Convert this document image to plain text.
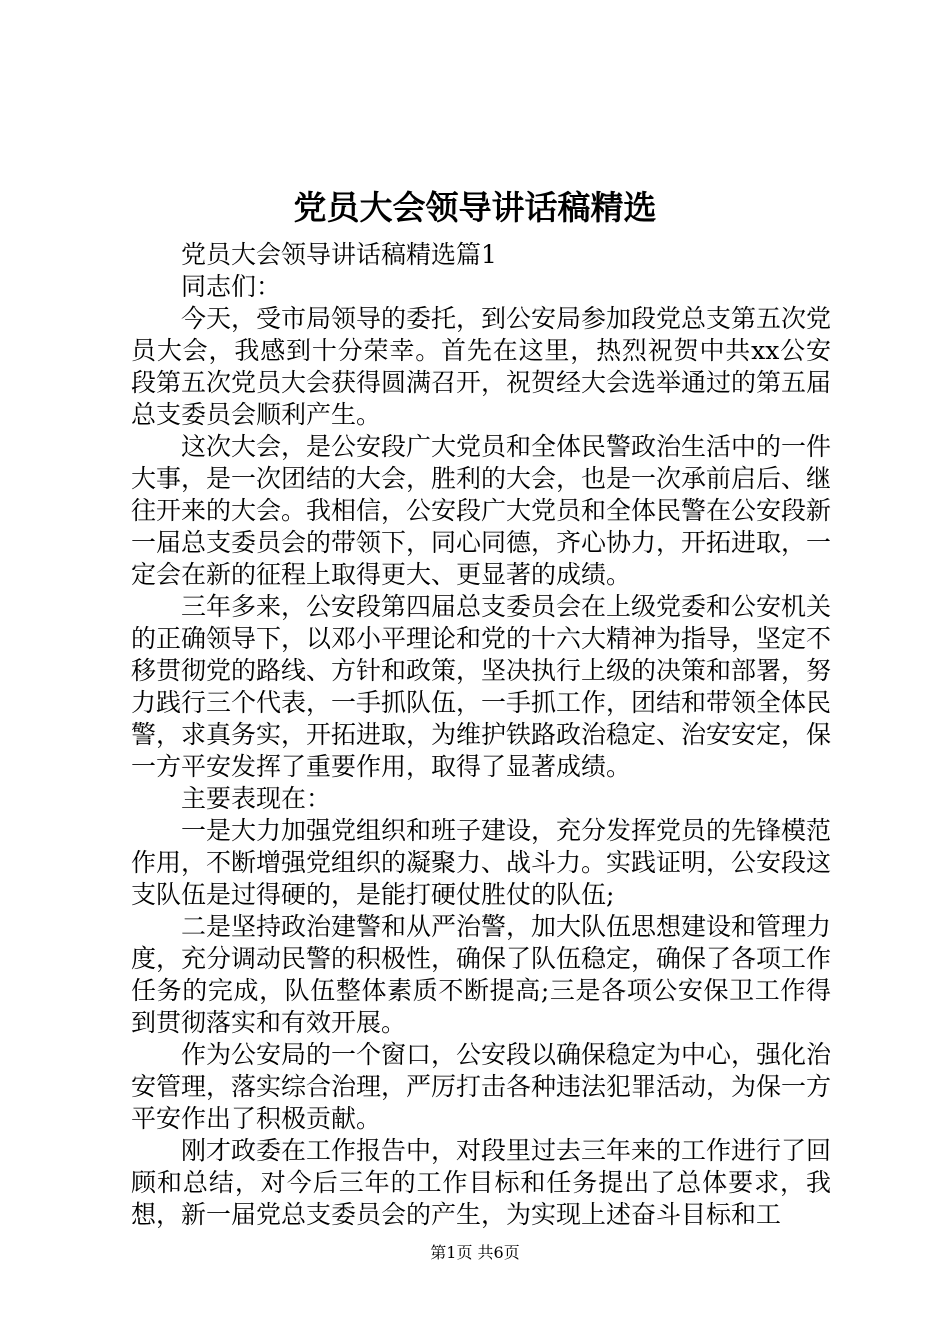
党员大会领导讲话稿精选

党员大会领导讲话稿精选篇1

同志们：

今天，受市局领导的委托，到公安局参加段党总支第五次党员大会，我感到十分荣幸。首先在这里，热烈祝贺中共xx公安段第五次党员大会获得圆满召开，祝贺经大会选举通过的第五届总支委员会顺利产生。

这次大会，是公安段广大党员和全体民警政治生活中的一件大事，是一次团结的大会，胜利的大会，也是一次承前启后、继往开来的大会。我相信，公安段广大党员和全体民警在公安段新一届总支委员会的带领下，同心同德，齐心协力，开拓进取，一定会在新的征程上取得更大、更显著的成绩。

三年多来，公安段第四届总支委员会在上级党委和公安机关的正确领导下，以邓小平理论和党的十六大精神为指导，坚定不移贯彻党的路线、方针和政策，坚决执行上级的决策和部署，努力践行三个代表，一手抓队伍，一手抓工作，团结和带领全体民警，求真务实，开拓进取，为维护铁路政治稳定、治安安定，保一方平安发挥了重要作用，取得了显著成绩。

主要表现在：

一是大力加强党组织和班子建设，充分发挥党员的先锋模范作用，不断增强党组织的凝聚力、战斗力。实践证明，公安段这支队伍是过得硬的，是能打硬仗胜仗的队伍;

二是坚持政治建警和从严治警，加大队伍思想建设和管理力度，充分调动民警的积极性，确保了队伍稳定，确保了各项工作任务的完成，队伍整体素质不断提高;三是各项公安保卫工作得到贯彻落实和有效开展。

作为公安局的一个窗口，公安段以确保稳定为中心，强化治安管理，落实综合治理，严厉打击各种违法犯罪活动，为保一方平安作出了积极贡献。

刚才政委在工作报告中，对段里过去三年来的工作进行了回顾和总结，对今后三年的工作目标和任务提出了总体要求，我想，新一届党总支委员会的产生，为实现上述奋斗目标和工

第1页 共6页
